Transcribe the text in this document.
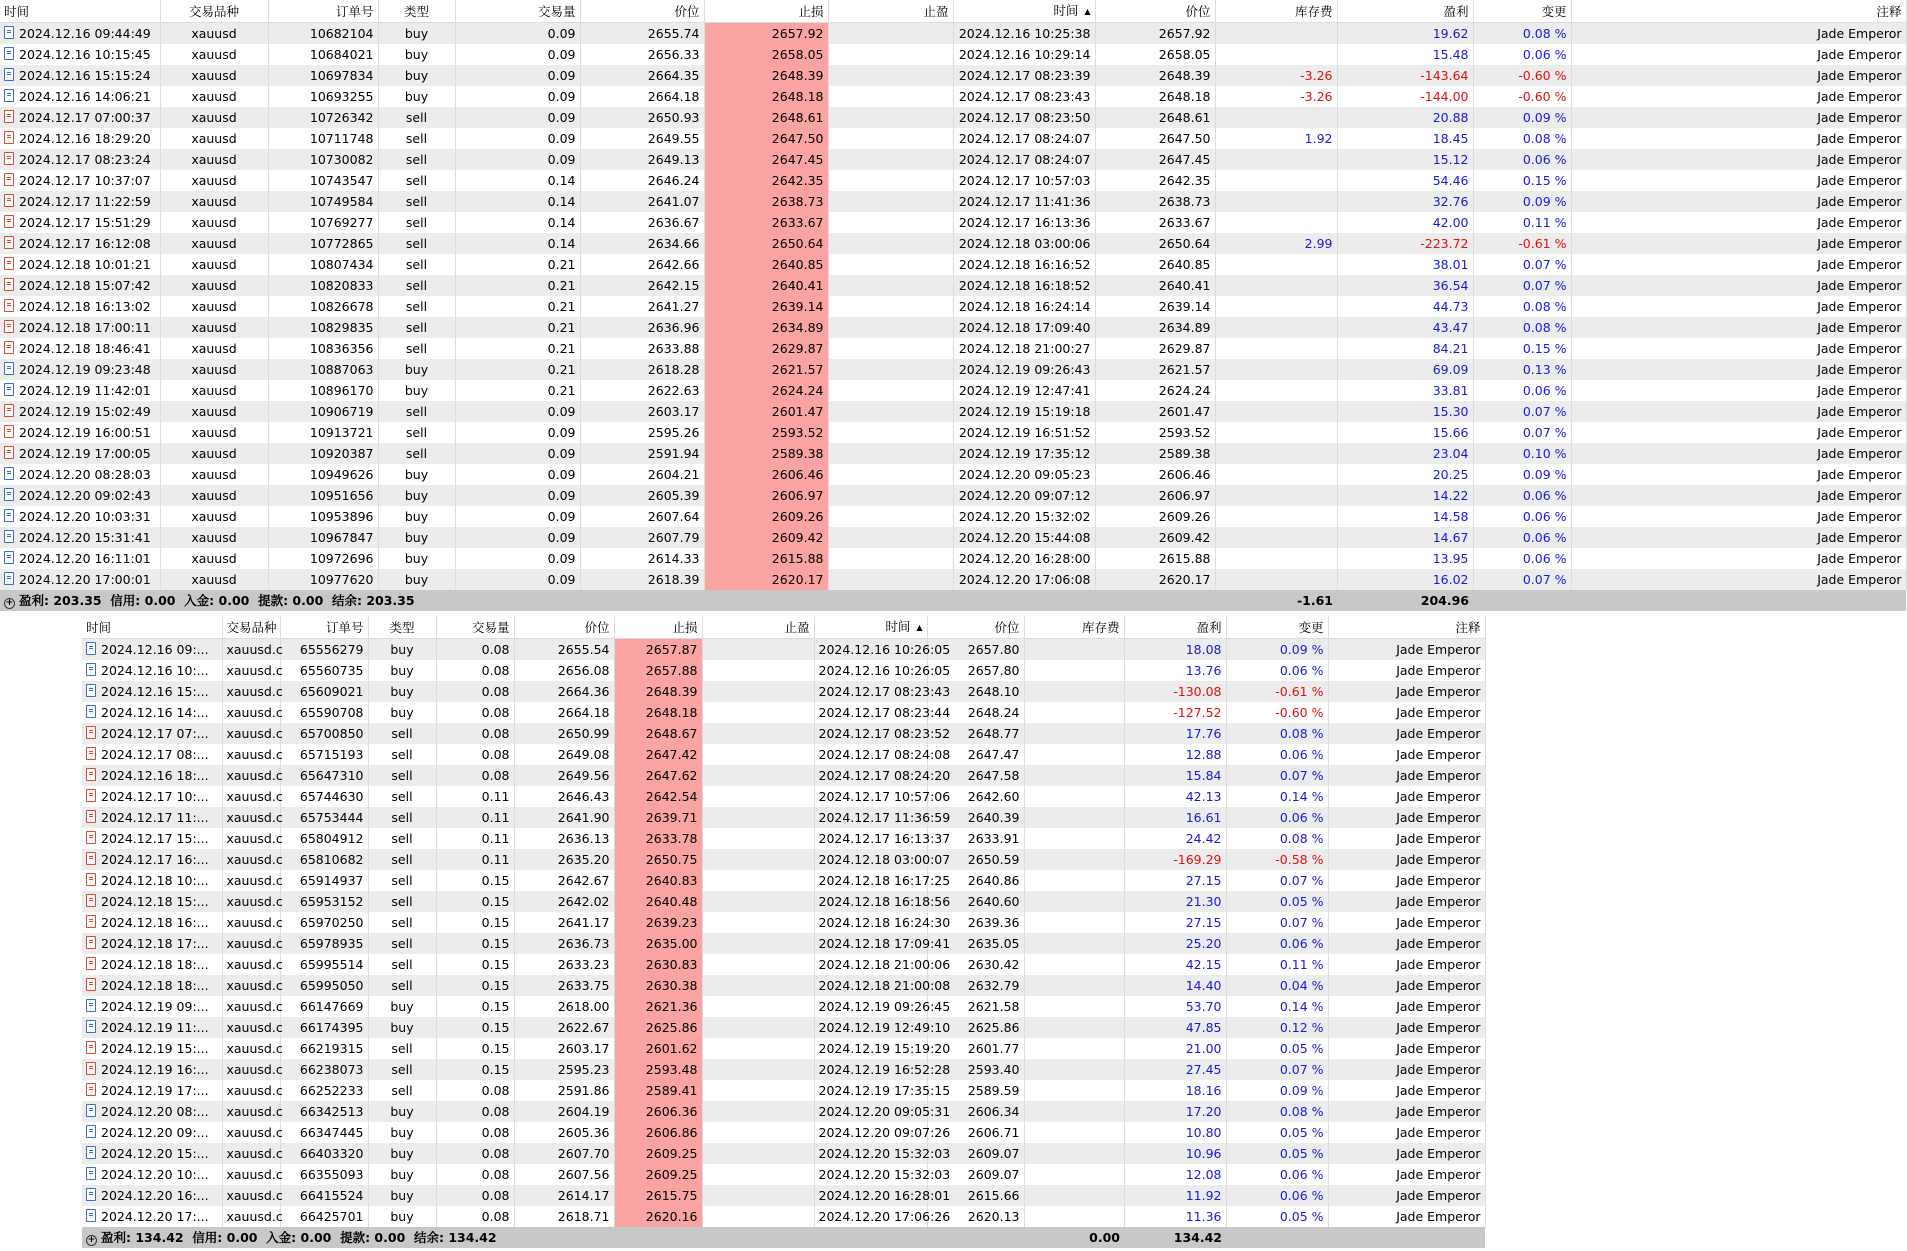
时间	交易品种	订单号	类型	交易量	价位	止损	止盈	时间 ▲	价位	库存费	盈利	变更	注释
2024.12.16 09:44:49	xauusd	10682104	buy	0.09	2655.74	2657.92		2024.12.16 10:25:38	2657.92		19.62	0.08 %	Jade Emperor
2024.12.16 10:15:45	xauusd	10684021	buy	0.09	2656.33	2658.05		2024.12.16 10:29:14	2658.05		15.48	0.06 %	Jade Emperor
2024.12.16 15:15:24	xauusd	10697834	buy	0.09	2664.35	2648.39		2024.12.17 08:23:39	2648.39	-3.26	-143.64	-0.60 %	Jade Emperor
2024.12.16 14:06:21	xauusd	10693255	buy	0.09	2664.18	2648.18		2024.12.17 08:23:43	2648.18	-3.26	-144.00	-0.60 %	Jade Emperor
2024.12.17 07:00:37	xauusd	10726342	sell	0.09	2650.93	2648.61		2024.12.17 08:23:50	2648.61		20.88	0.09 %	Jade Emperor
2024.12.16 18:29:20	xauusd	10711748	sell	0.09	2649.55	2647.50		2024.12.17 08:24:07	2647.50	1.92	18.45	0.08 %	Jade Emperor
2024.12.17 08:23:24	xauusd	10730082	sell	0.09	2649.13	2647.45		2024.12.17 08:24:07	2647.45		15.12	0.06 %	Jade Emperor
2024.12.17 10:37:07	xauusd	10743547	sell	0.14	2646.24	2642.35		2024.12.17 10:57:03	2642.35		54.46	0.15 %	Jade Emperor
2024.12.17 11:22:59	xauusd	10749584	sell	0.14	2641.07	2638.73		2024.12.17 11:41:36	2638.73		32.76	0.09 %	Jade Emperor
2024.12.17 15:51:29	xauusd	10769277	sell	0.14	2636.67	2633.67		2024.12.17 16:13:36	2633.67		42.00	0.11 %	Jade Emperor
2024.12.17 16:12:08	xauusd	10772865	sell	0.14	2634.66	2650.64		2024.12.18 03:00:06	2650.64	2.99	-223.72	-0.61 %	Jade Emperor
2024.12.18 10:01:21	xauusd	10807434	sell	0.21	2642.66	2640.85		2024.12.18 16:16:52	2640.85		38.01	0.07 %	Jade Emperor
2024.12.18 15:07:42	xauusd	10820833	sell	0.21	2642.15	2640.41		2024.12.18 16:18:52	2640.41		36.54	0.07 %	Jade Emperor
2024.12.18 16:13:02	xauusd	10826678	sell	0.21	2641.27	2639.14		2024.12.18 16:24:14	2639.14		44.73	0.08 %	Jade Emperor
2024.12.18 17:00:11	xauusd	10829835	sell	0.21	2636.96	2634.89		2024.12.18 17:09:40	2634.89		43.47	0.08 %	Jade Emperor
2024.12.18 18:46:41	xauusd	10836356	sell	0.21	2633.88	2629.87		2024.12.18 21:00:27	2629.87		84.21	0.15 %	Jade Emperor
2024.12.19 09:23:48	xauusd	10887063	buy	0.21	2618.28	2621.57		2024.12.19 09:26:43	2621.57		69.09	0.13 %	Jade Emperor
2024.12.19 11:42:01	xauusd	10896170	buy	0.21	2622.63	2624.24		2024.12.19 12:47:41	2624.24		33.81	0.06 %	Jade Emperor
2024.12.19 15:02:49	xauusd	10906719	sell	0.09	2603.17	2601.47		2024.12.19 15:19:18	2601.47		15.30	0.07 %	Jade Emperor
2024.12.19 16:00:51	xauusd	10913721	sell	0.09	2595.26	2593.52		2024.12.19 16:51:52	2593.52		15.66	0.07 %	Jade Emperor
2024.12.19 17:00:05	xauusd	10920387	sell	0.09	2591.94	2589.38		2024.12.19 17:35:12	2589.38		23.04	0.10 %	Jade Emperor
2024.12.20 08:28:03	xauusd	10949626	buy	0.09	2604.21	2606.46		2024.12.20 09:05:23	2606.46		20.25	0.09 %	Jade Emperor
2024.12.20 09:02:43	xauusd	10951656	buy	0.09	2605.39	2606.97		2024.12.20 09:07:12	2606.97		14.22	0.06 %	Jade Emperor
2024.12.20 10:03:31	xauusd	10953896	buy	0.09	2607.64	2609.26		2024.12.20 15:32:02	2609.26		14.58	0.06 %	Jade Emperor
2024.12.20 15:31:41	xauusd	10967847	buy	0.09	2607.79	2609.42		2024.12.20 15:44:08	2609.42		14.67	0.06 %	Jade Emperor
2024.12.20 16:11:01	xauusd	10972696	buy	0.09	2614.33	2615.88		2024.12.20 16:28:00	2615.88		13.95	0.06 %	Jade Emperor
2024.12.20 17:00:01	xauusd	10977620	buy	0.09	2618.39	2620.17		2024.12.20 17:06:08	2620.17		16.02	0.07 %	Jade Emperor
+ 盈利: 203.35  信用: 0.00  入金: 0.00  提款: 0.00  结余: 203.35										-1.61	204.96		
时间	交易品种	订单号	类型	交易量	价位	止损	止盈	时间 ▲	价位	库存费	盈利	变更	注释
2024.12.16 09:...	xauusd.c	65556279	buy	0.08	2655.54	2657.87		2024.12.16 10:26:05	2657.80		18.08	0.09 %	Jade Emperor
2024.12.16 10:...	xauusd.c	65560735	buy	0.08	2656.08	2657.88		2024.12.16 10:26:05	2657.80		13.76	0.06 %	Jade Emperor
2024.12.16 15:...	xauusd.c	65609021	buy	0.08	2664.36	2648.39		2024.12.17 08:23:43	2648.10		-130.08	-0.61 %	Jade Emperor
2024.12.16 14:...	xauusd.c	65590708	buy	0.08	2664.18	2648.18		2024.12.17 08:23:44	2648.24		-127.52	-0.60 %	Jade Emperor
2024.12.17 07:...	xauusd.c	65700850	sell	0.08	2650.99	2648.67		2024.12.17 08:23:52	2648.77		17.76	0.08 %	Jade Emperor
2024.12.17 08:...	xauusd.c	65715193	sell	0.08	2649.08	2647.42		2024.12.17 08:24:08	2647.47		12.88	0.06 %	Jade Emperor
2024.12.16 18:...	xauusd.c	65647310	sell	0.08	2649.56	2647.62		2024.12.17 08:24:20	2647.58		15.84	0.07 %	Jade Emperor
2024.12.17 10:...	xauusd.c	65744630	sell	0.11	2646.43	2642.54		2024.12.17 10:57:06	2642.60		42.13	0.14 %	Jade Emperor
2024.12.17 11:...	xauusd.c	65753444	sell	0.11	2641.90	2639.71		2024.12.17 11:36:59	2640.39		16.61	0.06 %	Jade Emperor
2024.12.17 15:...	xauusd.c	65804912	sell	0.11	2636.13	2633.78		2024.12.17 16:13:37	2633.91		24.42	0.08 %	Jade Emperor
2024.12.17 16:...	xauusd.c	65810682	sell	0.11	2635.20	2650.75		2024.12.18 03:00:07	2650.59		-169.29	-0.58 %	Jade Emperor
2024.12.18 10:...	xauusd.c	65914937	sell	0.15	2642.67	2640.83		2024.12.18 16:17:25	2640.86		27.15	0.07 %	Jade Emperor
2024.12.18 15:...	xauusd.c	65953152	sell	0.15	2642.02	2640.48		2024.12.18 16:18:56	2640.60		21.30	0.05 %	Jade Emperor
2024.12.18 16:...	xauusd.c	65970250	sell	0.15	2641.17	2639.23		2024.12.18 16:24:30	2639.36		27.15	0.07 %	Jade Emperor
2024.12.18 17:...	xauusd.c	65978935	sell	0.15	2636.73	2635.00		2024.12.18 17:09:41	2635.05		25.20	0.06 %	Jade Emperor
2024.12.18 18:...	xauusd.c	65995514	sell	0.15	2633.23	2630.83		2024.12.18 21:00:06	2630.42		42.15	0.11 %	Jade Emperor
2024.12.18 18:...	xauusd.c	65995050	sell	0.15	2633.75	2630.38		2024.12.18 21:00:08	2632.79		14.40	0.04 %	Jade Emperor
2024.12.19 09:...	xauusd.c	66147669	buy	0.15	2618.00	2621.36		2024.12.19 09:26:45	2621.58		53.70	0.14 %	Jade Emperor
2024.12.19 11:...	xauusd.c	66174395	buy	0.15	2622.67	2625.86		2024.12.19 12:49:10	2625.86		47.85	0.12 %	Jade Emperor
2024.12.19 15:...	xauusd.c	66219315	sell	0.15	2603.17	2601.62		2024.12.19 15:19:20	2601.77		21.00	0.05 %	Jade Emperor
2024.12.19 16:...	xauusd.c	66238073	sell	0.15	2595.23	2593.48		2024.12.19 16:52:28	2593.40		27.45	0.07 %	Jade Emperor
2024.12.19 17:...	xauusd.c	66252233	sell	0.08	2591.86	2589.41		2024.12.19 17:35:15	2589.59		18.16	0.09 %	Jade Emperor
2024.12.20 08:...	xauusd.c	66342513	buy	0.08	2604.19	2606.36		2024.12.20 09:05:31	2606.34		17.20	0.08 %	Jade Emperor
2024.12.20 09:...	xauusd.c	66347445	buy	0.08	2605.36	2606.86		2024.12.20 09:07:26	2606.71		10.80	0.05 %	Jade Emperor
2024.12.20 15:...	xauusd.c	66403320	buy	0.08	2607.70	2609.25		2024.12.20 15:32:03	2609.07		10.96	0.05 %	Jade Emperor
2024.12.20 10:...	xauusd.c	66355093	buy	0.08	2607.56	2609.25		2024.12.20 15:32:03	2609.07		12.08	0.06 %	Jade Emperor
2024.12.20 16:...	xauusd.c	66415524	buy	0.08	2614.17	2615.75		2024.12.20 16:28:01	2615.66		11.92	0.06 %	Jade Emperor
2024.12.20 17:...	xauusd.c	66425701	buy	0.08	2618.71	2620.16		2024.12.20 17:06:26	2620.13		11.36	0.05 %	Jade Emperor
+ 盈利: 134.42  信用: 0.00  入金: 0.00  提款: 0.00  结余: 134.42										0.00	134.42		
